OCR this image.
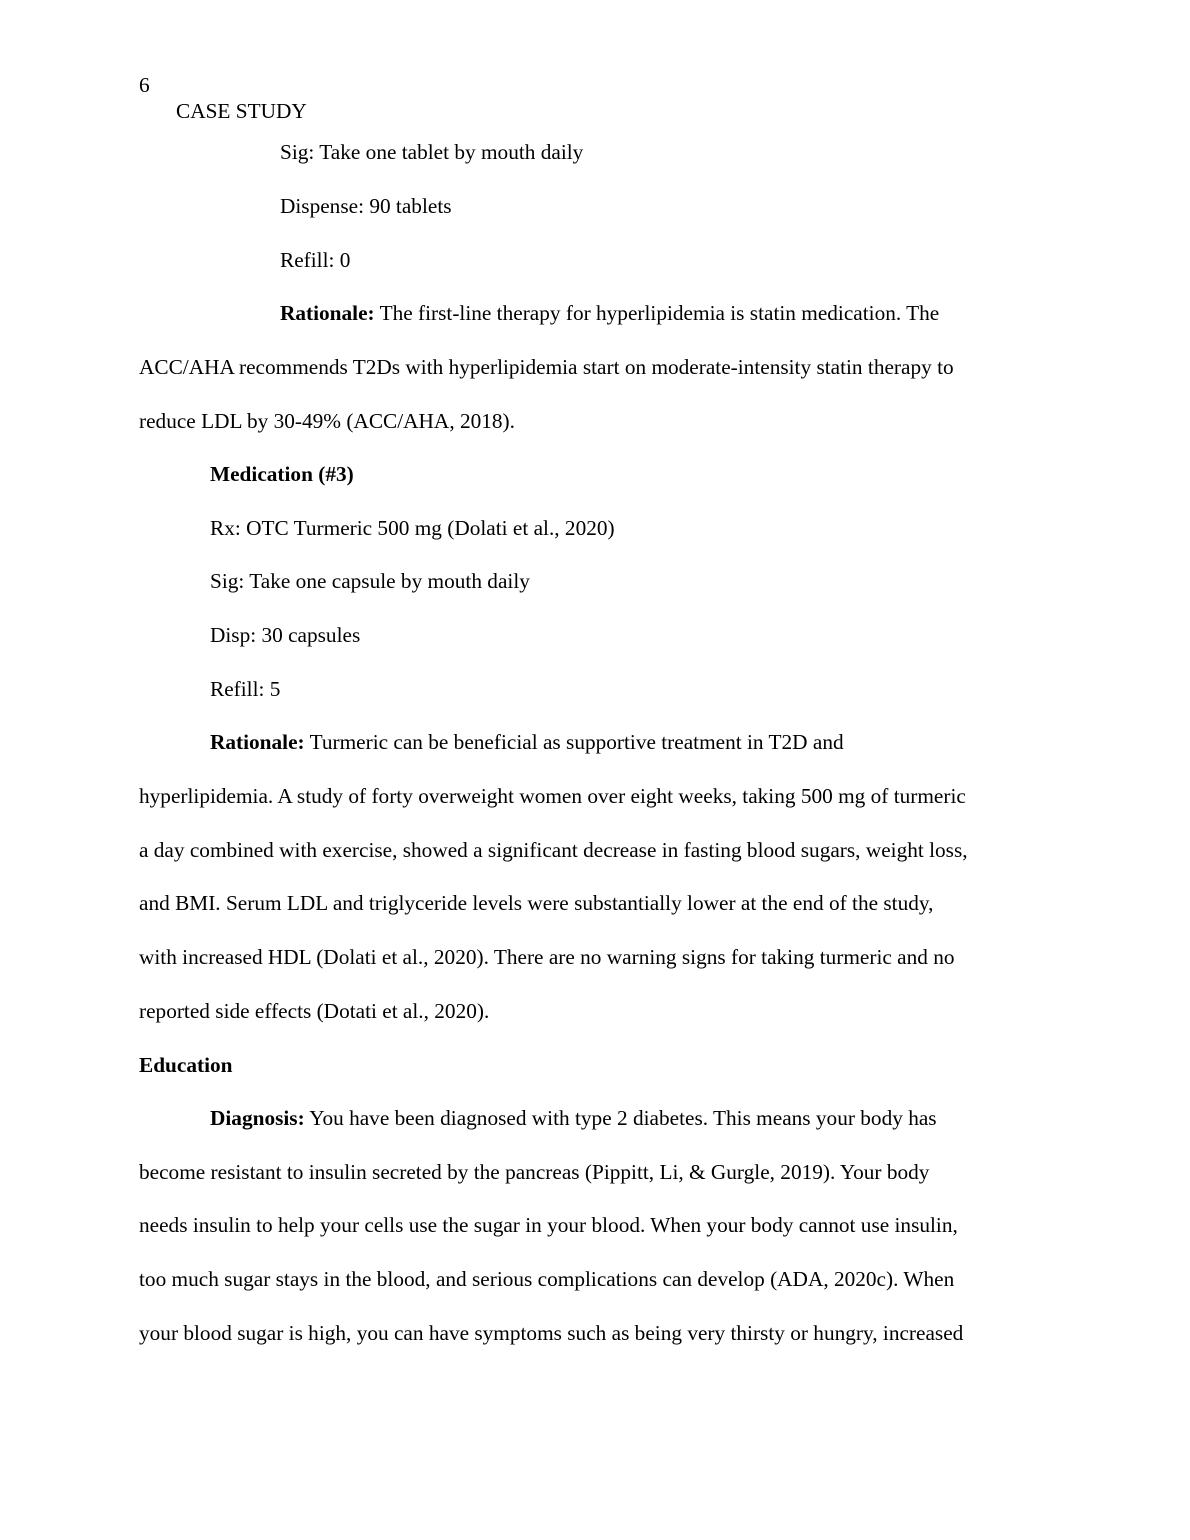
6
CASE STUDY
Sig: Take one tablet by mouth daily
Dispense: 90 tablets
Refill: 0
Rationale: The first-line therapy for hyperlipidemia is statin medication. The
ACC/AHA recommends T2Ds with hyperlipidemia start on moderate-intensity statin therapy to
reduce LDL by 30-49% (ACC/AHA, 2018).
Medication (#3)
Rx: OTC Turmeric 500 mg (Dolati et al., 2020)
Sig: Take one capsule by mouth daily
Disp: 30 capsules
Refill: 5
Rationale: Turmeric can be beneficial as supportive treatment in T2D and
hyperlipidemia. A study of forty overweight women over eight weeks, taking 500 mg of turmeric
a day combined with exercise, showed a significant decrease in fasting blood sugars, weight loss,
and BMI. Serum LDL and triglyceride levels were substantially lower at the end of the study,
with increased HDL (Dolati et al., 2020). There are no warning signs for taking turmeric and no
reported side effects (Dotati et al., 2020).
Education
Diagnosis: You have been diagnosed with type 2 diabetes. This means your body has
become resistant to insulin secreted by the pancreas (Pippitt, Li, & Gurgle, 2019). Your body
needs insulin to help your cells use the sugar in your blood. When your body cannot use insulin,
too much sugar stays in the blood, and serious complications can develop (ADA, 2020c). When
your blood sugar is high, you can have symptoms such as being very thirsty or hungry, increased
